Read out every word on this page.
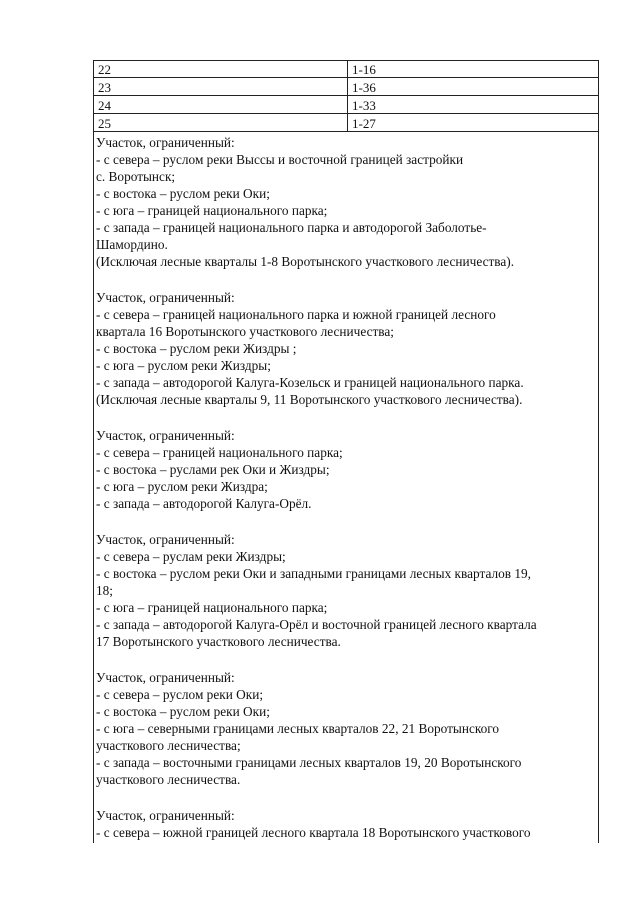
22	1-16
23	1-36
24	1-33
25	1-27
Участок, ограниченный:
- с севера – руслом реки Выссы и восточной границей застройки
с. Воротынск;
- с востока – руслом реки Оки;
- с юга – границей национального парка;
- с запада – границей национального парка и автодорогой Заболотье-
Шамордино.
(Исключая лесные кварталы 1-8 Воротынского участкового лесничества).
Участок, ограниченный:
- с севера – границей национального парка и южной границей лесного
квартала 16 Воротынского участкового лесничества;
- с востока – руслом реки Жиздры ;
- с юга – руслом реки Жиздры;
- с запада – автодорогой Калуга-Козельск и границей национального парка.
(Исключая лесные кварталы 9, 11 Воротынского участкового лесничества).
Участок, ограниченный:
- с севера – границей национального парка;
- с востока – руслами рек Оки и Жиздры;
- с юга – руслом реки Жиздра;
- с запада – автодорогой Калуга-Орёл.
Участок, ограниченный:
- с севера – руслам реки Жиздры;
- с востока – руслом реки Оки и западными границами лесных кварталов 19,
18;
- с юга – границей национального парка;
- с запада – автодорогой Калуга-Орёл и восточной границей лесного квартала
17 Воротынского участкового лесничества.
Участок, ограниченный:
- с севера – руслом реки Оки;
- с востока – руслом реки Оки;
- с юга – северными границами лесных кварталов 22, 21 Воротынского
участкового лесничества;
- с запада – восточными границами лесных кварталов 19, 20 Воротынского
участкового лесничества.
Участок, ограниченный:
- с севера – южной границей лесного квартала 18 Воротынского участкового
